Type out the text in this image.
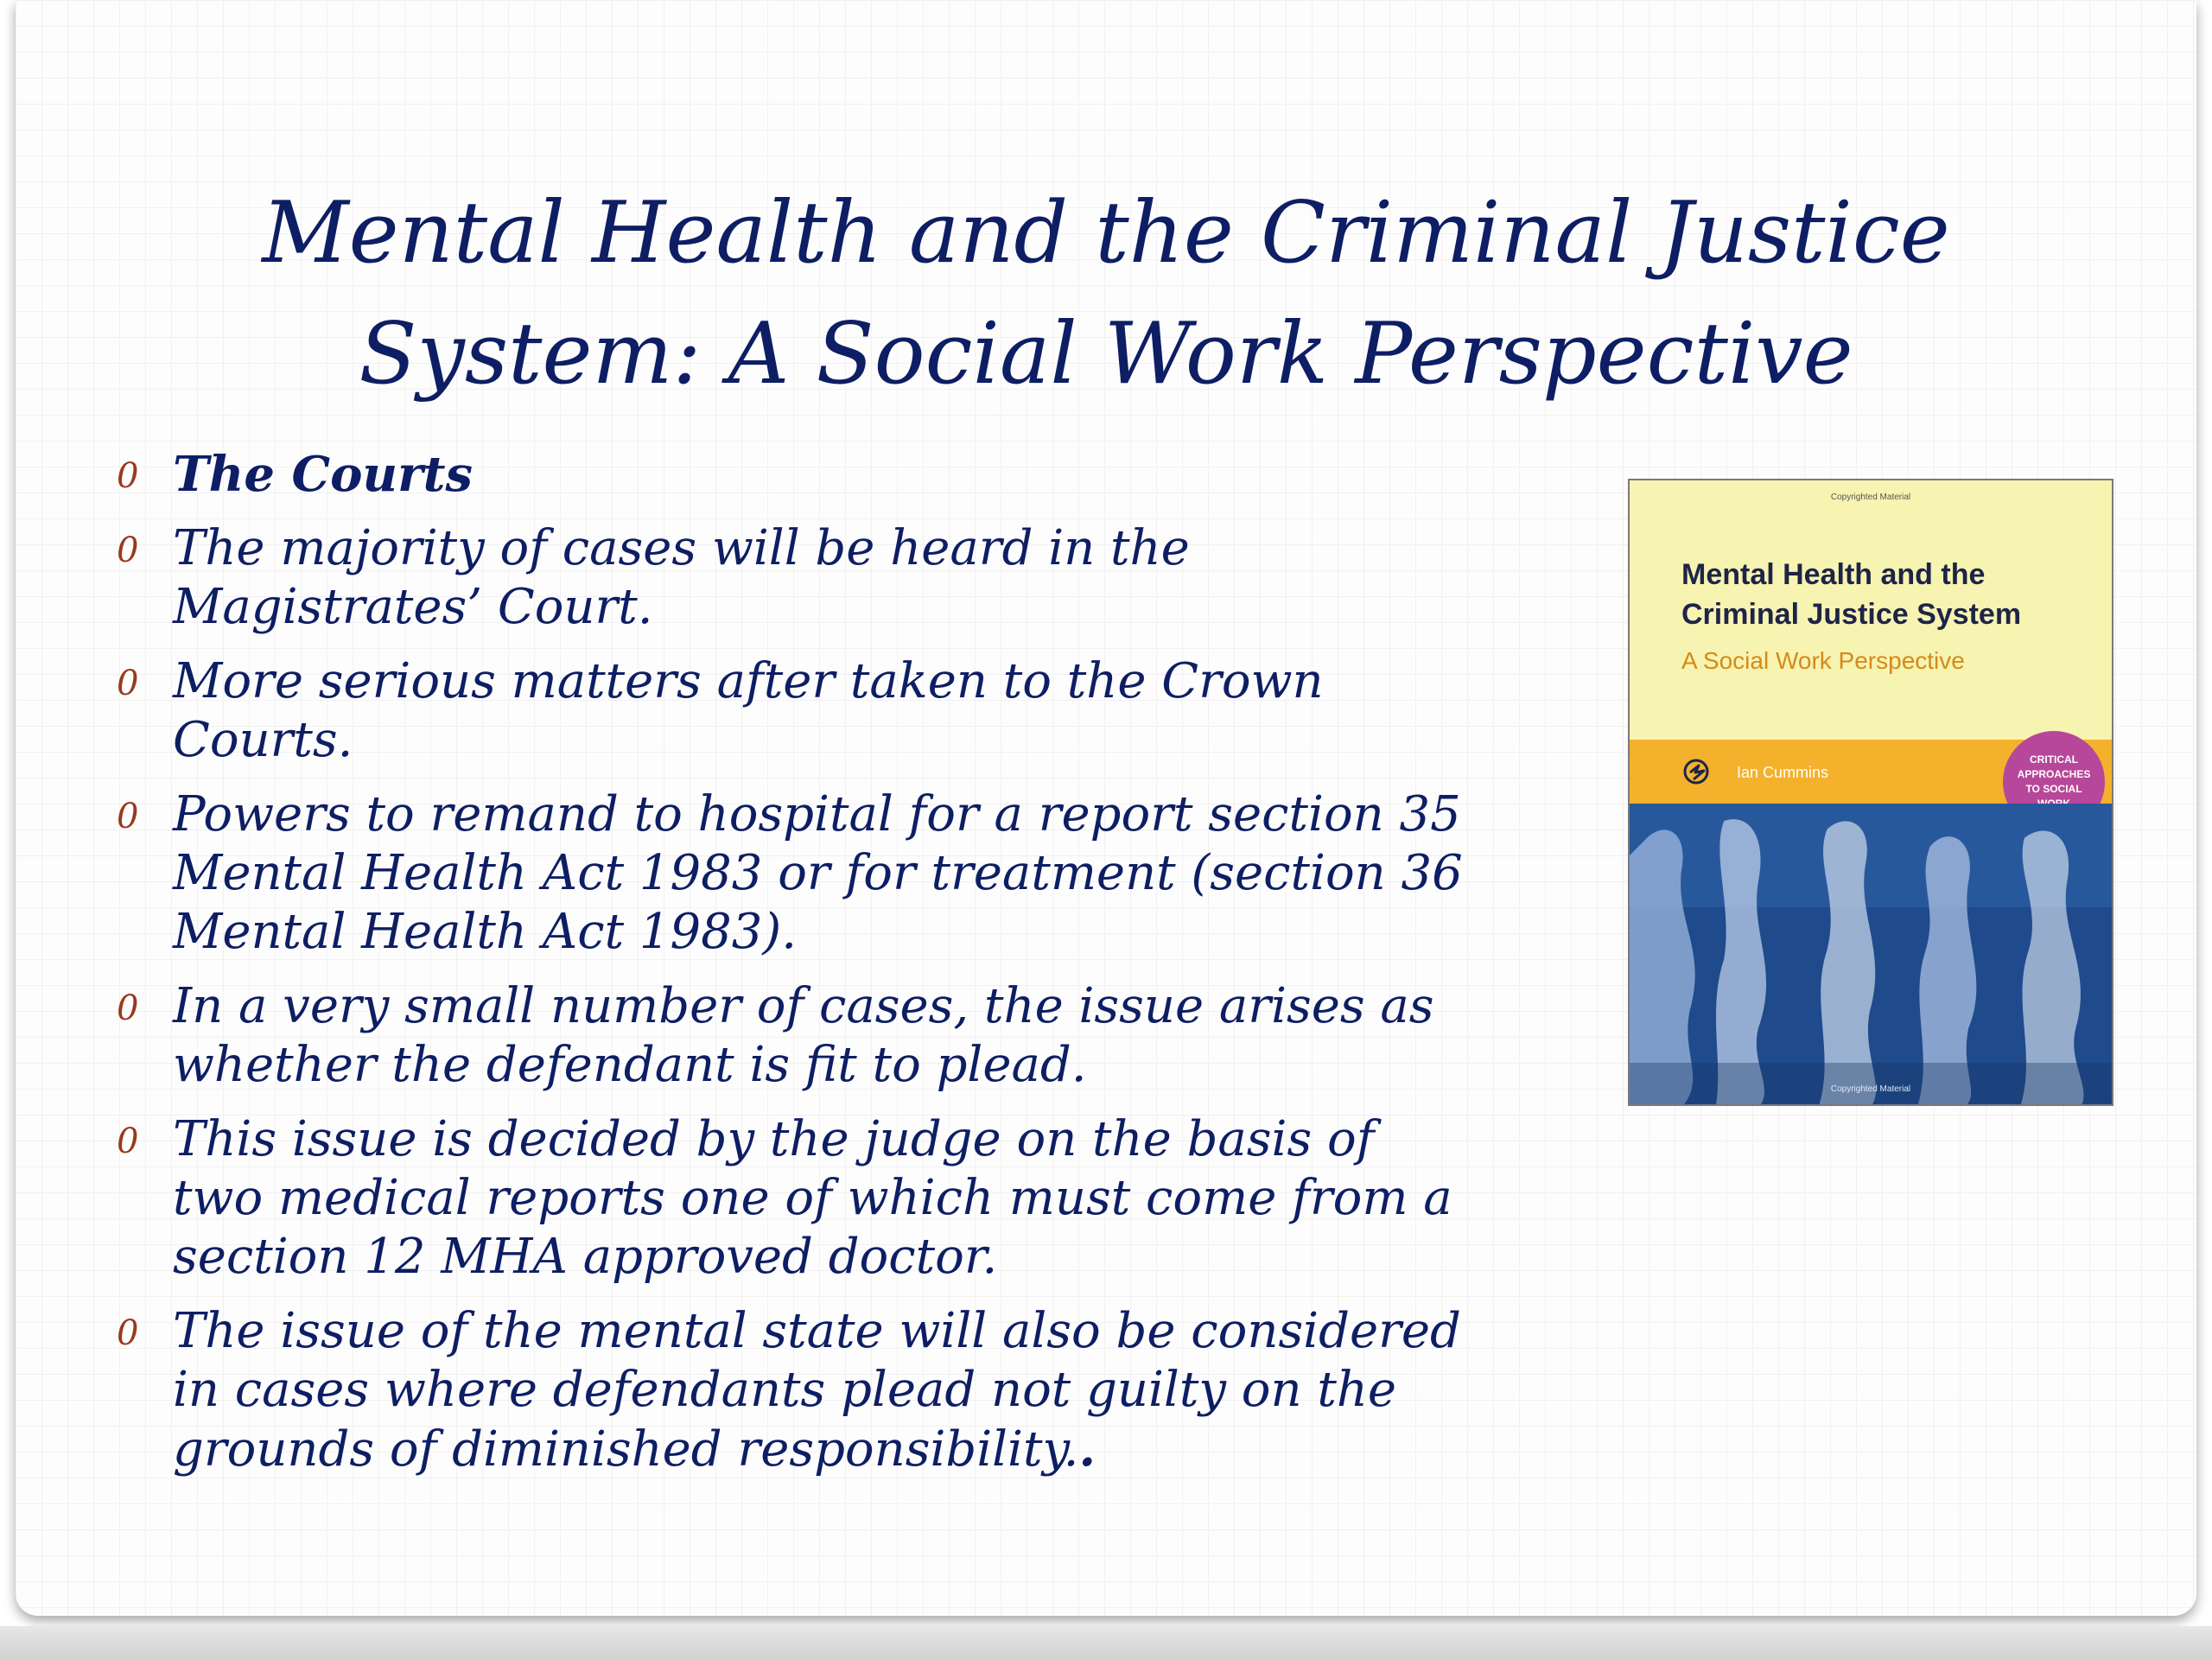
Mental Health and the Criminal Justice System: A Social Work Perspective
0 The Courts
0 The majority of cases will be heard in the Magistrates’ Court.
0 More serious matters after taken to the Crown Courts.
0 Powers to remand to hospital for a report section 35 Mental Health Act 1983 or for treatment (section 36 Mental Health Act 1983).
0 In a very small number of cases, the issue arises as whether the defendant is fit to plead.
0 This issue is decided by the judge on the basis of two medical reports one of which must come from a section 12 MHA approved doctor.
0 The issue of the mental state will also be considered in cases where defendants plead not guilty on the grounds of diminished responsibility..
Copyrighted Material
Mental Health and the Criminal Justice System
A Social Work Perspective
Ian Cummins
CRITICAL APPROACHES TO SOCIAL
Copyrighted Material
